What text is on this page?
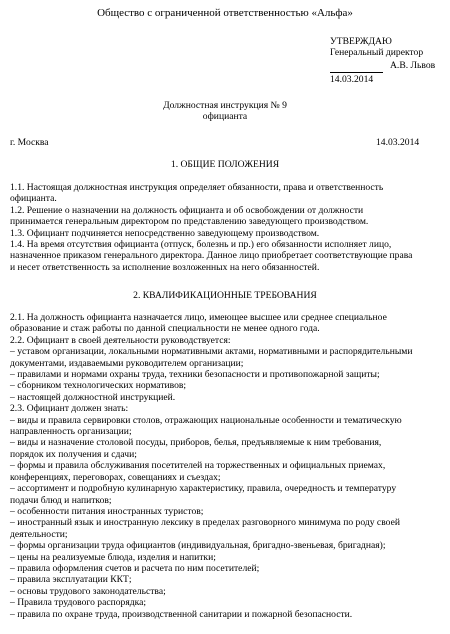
Общество с ограниченной ответственностью «Альфа»
УТВЕРЖДАЮ
Генеральный директор
А.В. Львов
14.03.2014
Должностная инструкция № 9
официанта
г. Москва	14.03.2014
1. ОБЩИЕ ПОЛОЖЕНИЯ
1.1. Настоящая должностная инструкция определяет обязанности, права и ответственность
официанта.
1.2. Решение о назначении на должность официанта и об освобождении от должности
принимается генеральным директором по представлению заведующего производством.
1.3. Официант подчиняется непосредственно заведующему производством.
1.4. На время отсутствия официанта (отпуск, болезнь и пр.) его обязанности исполняет лицо,
назначенное приказом генерального директора. Данное лицо приобретает соответствующие права
и несет ответственность за исполнение возложенных на него обязанностей.
2. КВАЛИФИКАЦИОННЫЕ ТРЕБОВАНИЯ
2.1. На должность официанта назначается лицо, имеющее высшее или среднее специальное
образование и стаж работы по данной специальности не менее одного года.
2.2. Официант в своей деятельности руководствуется:
– уставом организации, локальными нормативными актами, нормативными и распорядительными
документами, издаваемыми руководителем организации;
– правилами и нормами охраны труда, техники безопасности и противопожарной защиты;
– сборником технологических нормативов;
– настоящей должностной инструкцией.
2.3. Официант должен знать:
– виды и правила сервировки столов, отражающих национальные особенности и тематическую
направленность организации;
– виды и назначение столовой посуды, приборов, белья, предъявляемые к ним требования,
порядок их получения и сдачи;
– формы и правила обслуживания посетителей на торжественных и официальных приемах,
конференциях, переговорах, совещаниях и съездах;
– ассортимент и подробную кулинарную характеристику, правила, очередность и температуру
подачи блюд и напитков;
– особенности питания иностранных туристов;
– иностранный язык и иностранную лексику в пределах разговорного минимума по роду своей
деятельности;
– формы организации труда официантов (индивидуальная, бригадно-звеньевая, бригадная);
– цены на реализуемые блюда, изделия и напитки;
– правила оформления счетов и расчета по ним посетителей;
– правила эксплуатации ККТ;
– основы трудового законодательства;
– Правила трудового распорядка;
– правила по охране труда, производственной санитарии и пожарной безопасности.
